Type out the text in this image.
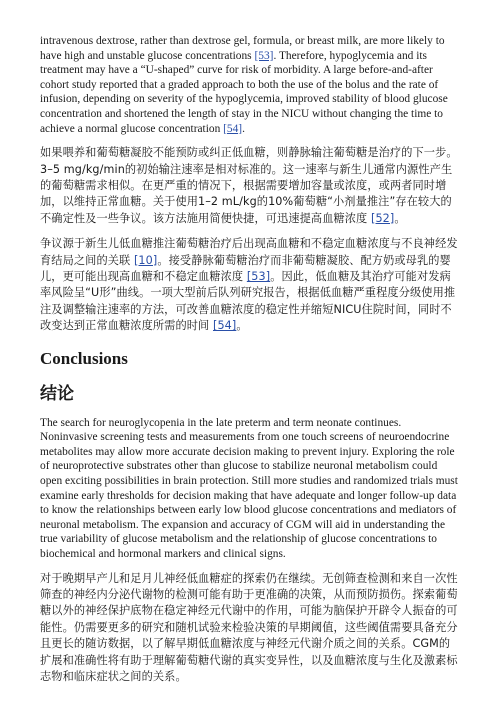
intravenous dextrose, rather than dextrose gel, formula, or breast milk, are more likely to have high and unstable glucose concentrations [53]. Therefore, hypoglycemia and its treatment may have a “U-shaped” curve for risk of morbidity. A large before-and-after cohort study reported that a graded approach to both the use of the bolus and the rate of infusion, depending on severity of the hypoglycemia, improved stability of blood glucose concentration and shortened the length of stay in the NICU without changing the time to achieve a normal glucose concentration [54].

如果喂养和葡萄糖凝胶不能预防或纠正低血糖，则静脉输注葡萄糖是治疗的下一步。3–5 mg/kg/min的初始输注速率是相对标准的。这一速率与新生儿通常内源性产生的葡萄糖需求相似。在更严重的情况下，根据需要增加容量或浓度，或两者同时增加，以维持正常血糖。关于使用1–2 mL/kg的10%葡萄糖“小剂量推注”存在较大的不确定性及一些争议。该方法施用简便快捷，可迅速提高血糖浓度 [52]。

争议源于新生儿低血糖推注葡萄糖治疗后出现高血糖和不稳定血糖浓度与不良神经发育结局之间的关联 [10]。接受静脉葡萄糖治疗而非葡萄糖凝胶、配方奶或母乳的婴儿，更可能出现高血糖和不稳定血糖浓度 [53]。因此，低血糖及其治疗可能对发病率风险呈“U形”曲线。一项大型前后队列研究报告，根据低血糖严重程度分级使用推注及调整输注速率的方法，可改善血糖浓度的稳定性并缩短NICU住院时间，同时不改变达到正常血糖浓度所需的时间 [54]。

Conclusions
结论

The search for neuroglycopenia in the late preterm and term neonate continues. Noninvasive screening tests and measurements from one touch screens of neuroendocrine metabolites may allow more accurate decision making to prevent injury. Exploring the role of neuroprotective substrates other than glucose to stabilize neuronal metabolism could open exciting possibilities in brain protection. Still more studies and randomized trials must examine early thresholds for decision making that have adequate and longer follow-up data to know the relationships between early low blood glucose concentrations and mediators of neuronal metabolism. The expansion and accuracy of CGM will aid in understanding the true variability of glucose metabolism and the relationship of glucose concentrations to biochemical and hormonal markers and clinical signs.

对于晚期早产儿和足月儿神经低血糖症的探索仍在继续。无创筛查检测和来自一次性筛查的神经内分泌代谢物的检测可能有助于更准确的决策，从而预防损伤。探索葡萄糖以外的神经保护底物在稳定神经元代谢中的作用，可能为脑保护开辟令人振奋的可能性。仍需要更多的研究和随机试验来检验决策的早期阈值，这些阈值需要具备充分且更长的随访数据，以了解早期低血糖浓度与神经元代谢介质之间的关系。CGM的扩展和准确性将有助于理解葡萄糖代谢的真实变异性，以及血糖浓度与生化及激素标志物和临床症状之间的关系。
